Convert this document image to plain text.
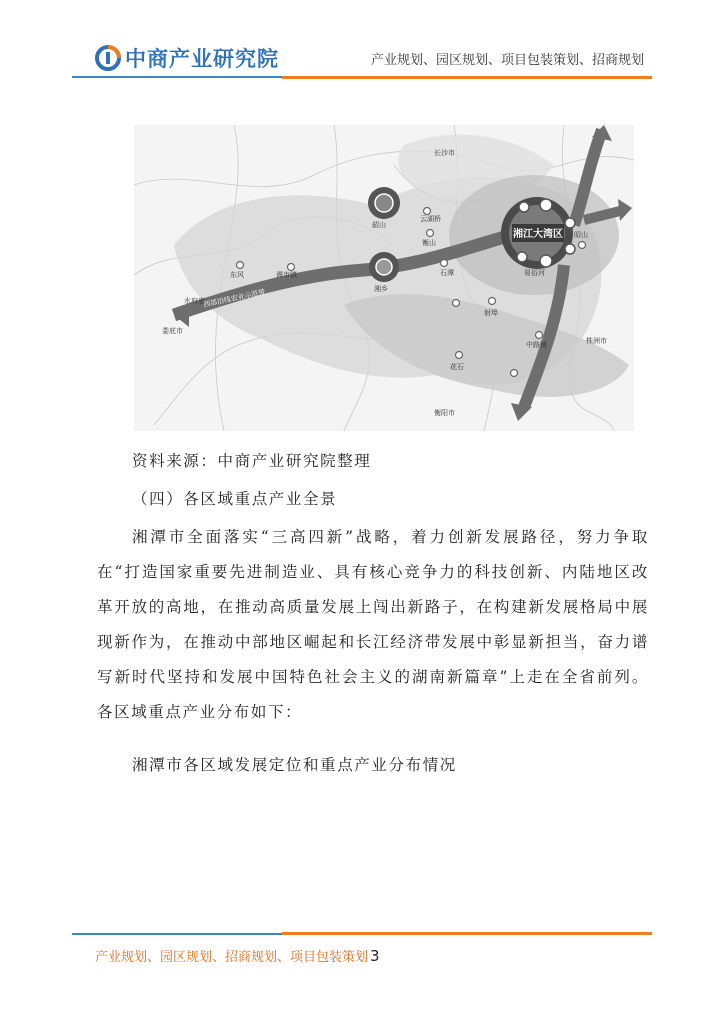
中商产业研究院	产业规划、园区规划、项目包装策划、招商规划
湘江大湾区
长沙市
韶山
云湖桥
衡山
湘乡
石潭
谭市镇
东风
水府庙
易俗河
昭山
射埠
中路铺
花石
衡阳市
娄底市
株洲市
西部沿线农业示范带
资料来源：中商产业研究院整理
（四）各区域重点产业全景
湘潭市全面落实“三高四新”战略，着力创新发展路径，努力争取在“打造国家重要先进制造业、具有核心竞争力的科技创新、内陆地区改革开放的高地，在推动高质量发展上闯出新路子，在构建新发展格局中展现新作为，在推动中部地区崛起和长江经济带发展中彰显新担当，奋力谱写新时代坚持和发展中国特色社会主义的湖南新篇章”上走在全省前列。各区域重点产业分布如下：
湘潭市各区域发展定位和重点产业分布情况
产业规划、园区规划、招商规划、项目包装策划 3
